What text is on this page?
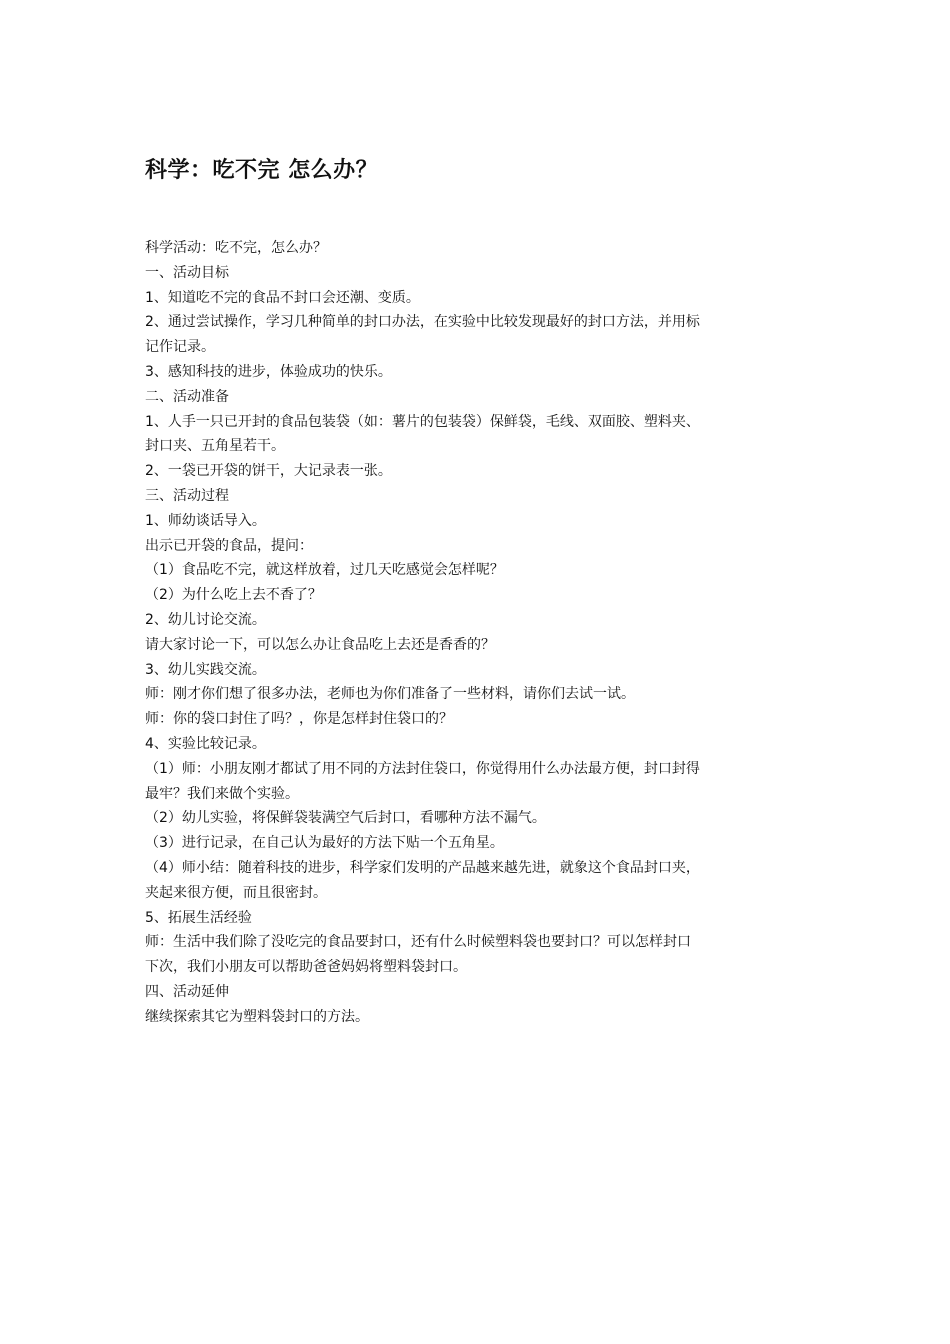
科学：吃不完 怎么办？
科学活动：吃不完，怎么办？
一、活动目标
1、知道吃不完的食品不封口会还潮、变质。
2、通过尝试操作，学习几种简单的封口办法，在实验中比较发现最好的封口方法，并用标
记作记录。
3、感知科技的进步，体验成功的快乐。
二、活动准备
1、人手一只已开封的食品包装袋（如：薯片的包装袋）保鲜袋，毛线、双面胶、塑料夹、
封口夹、五角星若干。
2、一袋已开袋的饼干，大记录表一张。
三、活动过程
1、师幼谈话导入。
出示已开袋的食品，提问：
（1）食品吃不完，就这样放着，过几天吃感觉会怎样呢？
（2）为什么吃上去不香了？
2、幼儿讨论交流。
请大家讨论一下，可以怎么办让食品吃上去还是香香的？
3、幼儿实践交流。
师：刚才你们想了很多办法，老师也为你们准备了一些材料，请你们去试一试。
师：你的袋口封住了吗？，你是怎样封住袋口的？
4、实验比较记录。
（1）师：小朋友刚才都试了用不同的方法封住袋口，你觉得用什么办法最方便，封口封得
最牢？我们来做个实验。
（2）幼儿实验，将保鲜袋装满空气后封口，看哪种方法不漏气。
（3）进行记录，在自己认为最好的方法下贴一个五角星。
（4）师小结：随着科技的进步，科学家们发明的产品越来越先进，就象这个食品封口夹，
夹起来很方便，而且很密封。
5、拓展生活经验
师：生活中我们除了没吃完的食品要封口，还有什么时候塑料袋也要封口？可以怎样封口
下次，我们小朋友可以帮助爸爸妈妈将塑料袋封口。
四、活动延伸
继续探索其它为塑料袋封口的方法。
